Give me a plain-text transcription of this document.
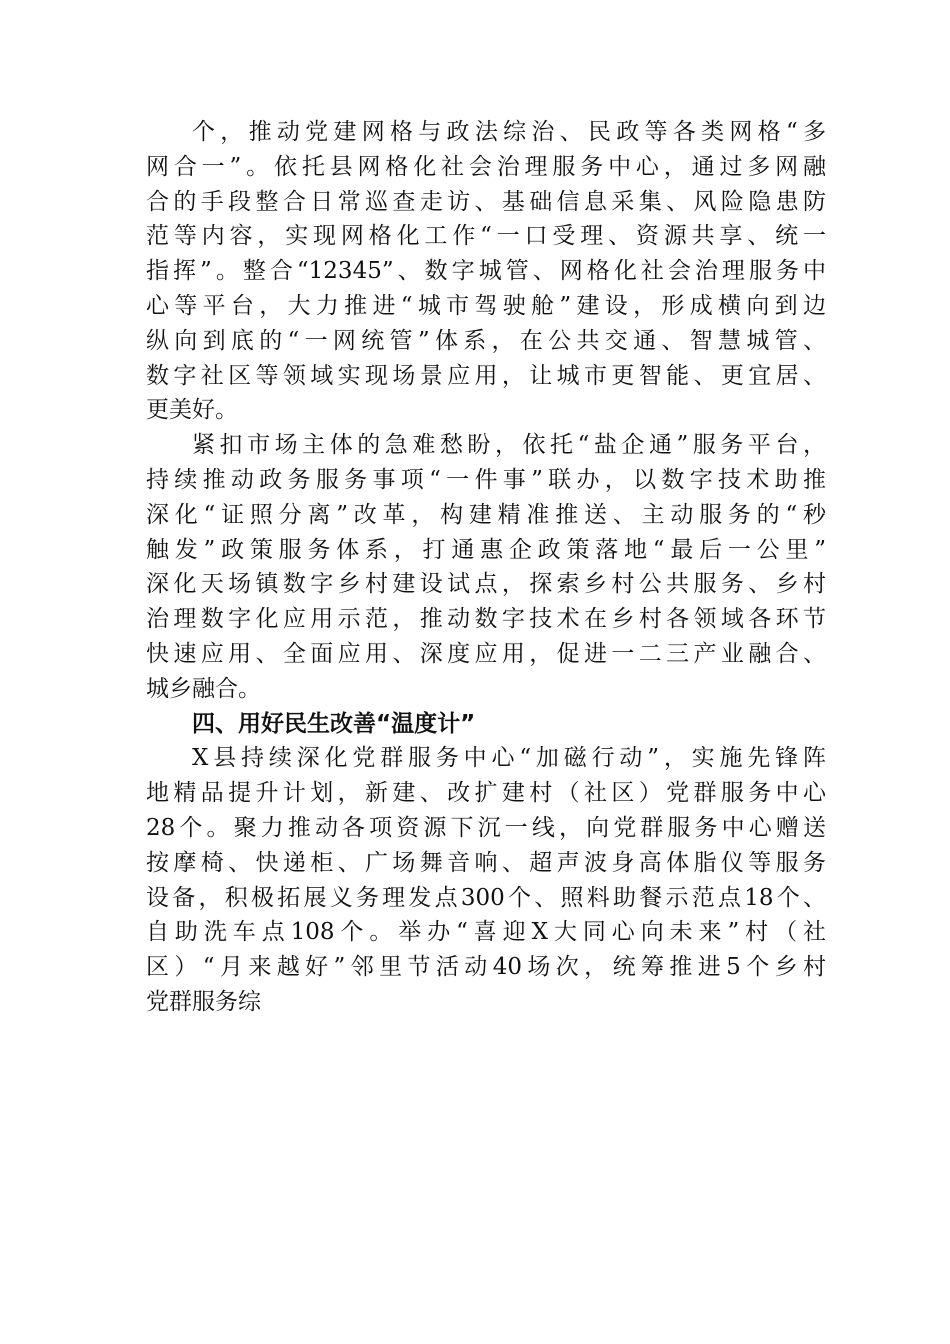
个，推动党建网格与政法综治、民政等各类网格“多
网合一”。依托县网格化社会治理服务中心，通过多网融
合的手段整合日常巡查走访、基础信息采集、风险隐患防
范等内容，实现网格化工作“一口受理、资源共享、统一
指挥”。整合“12345”、数字城管、网格化社会治理服务中
心等平台，大力推进“城市驾驶舱”建设，形成横向到边
纵向到底的“一网统管”体系，在公共交通、智慧城管、
数字社区等领域实现场景应用，让城市更智能、更宜居、
更美好。
紧扣市场主体的急难愁盼，依托“盐企通”服务平台，
持续推动政务服务事项“一件事”联办，以数字技术助推
深化“证照分离”改革，构建精准推送、主动服务的“秒
触发”政策服务体系，打通惠企政策落地“最后一公里”
深化天场镇数字乡村建设试点，探索乡村公共服务、乡村
治理数字化应用示范，推动数字技术在乡村各领域各环节
快速应用、全面应用、深度应用，促进一二三产业融合、
城乡融合。
四、用好民生改善“温度计”
X县持续深化党群服务中心“加磁行动”，实施先锋阵
地精品提升计划，新建、改扩建村（社区）党群服务中心
28个。聚力推动各项资源下沉一线，向党群服务中心赠送
按摩椅、快递柜、广场舞音响、超声波身高体脂仪等服务
设备，积极拓展义务理发点300个、照料助餐示范点18个、
自助洗车点108个。举办“喜迎X大同心向未来”村（社
区）“月来越好”邻里节活动40场次，统筹推进5个乡村
党群服务综
